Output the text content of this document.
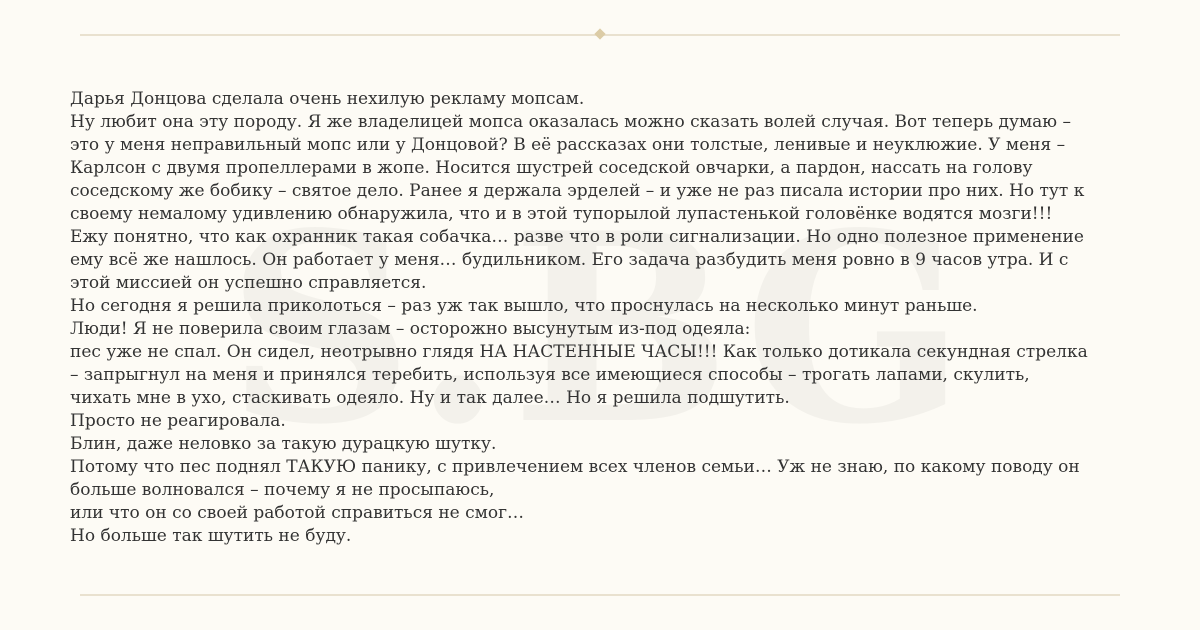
Дарья Донцова сделала очень нехилую рекламу мопсам.
Ну любит она эту породу. Я же владелицей мопса оказалась можно сказать волей случая. Вот теперь думаю –
это у меня неправильный мопс или у Донцовой? В её рассказах они толстые, ленивые и неуклюжие. У меня –
Карлсон с двумя пропеллерами в жопе. Носится шустрей соседской овчарки, а пардон, нассать на голову
соседскому же бобику – святое дело. Ранее я держала эрделей – и уже не раз писала истории про них. Но тут к
своему немалому удивлению обнаружила, что и в этой тупорылой лупастенькой головёнке водятся мозги!!!
Ежу понятно, что как охранник такая собачка… разве что в роли сигнализации. Но одно полезное применение
ему всё же нашлось. Он работает у меня… будильником. Его задача разбудить меня ровно в 9 часов утра. И с
этой миссией он успешно справляется.
Но сегодня я решила приколоться – раз уж так вышло, что проснулась на несколько минут раньше.
Люди! Я не поверила своим глазам – осторожно высунутым из-под одеяла:
пес уже не спал. Он сидел, неотрывно глядя НА НАСТЕННЫЕ ЧАСЫ!!! Как только дотикала секундная стрелка
– запрыгнул на меня и принялся теребить, используя все имеющиеся способы – трогать лапами, скулить,
чихать мне в ухо, стаскивать одеяло. Ну и так далее… Но я решила подшутить.
Просто не реагировала.
Блин, даже неловко за такую дурацкую шутку.
Потому что пес поднял ТАКУЮ панику, с привлечением всех членов семьи… Уж не знаю, по какому поводу он
больше волновался – почему я не просыпаюсь,
или что он со своей работой справиться не смог…
Но больше так шутить не буду.
